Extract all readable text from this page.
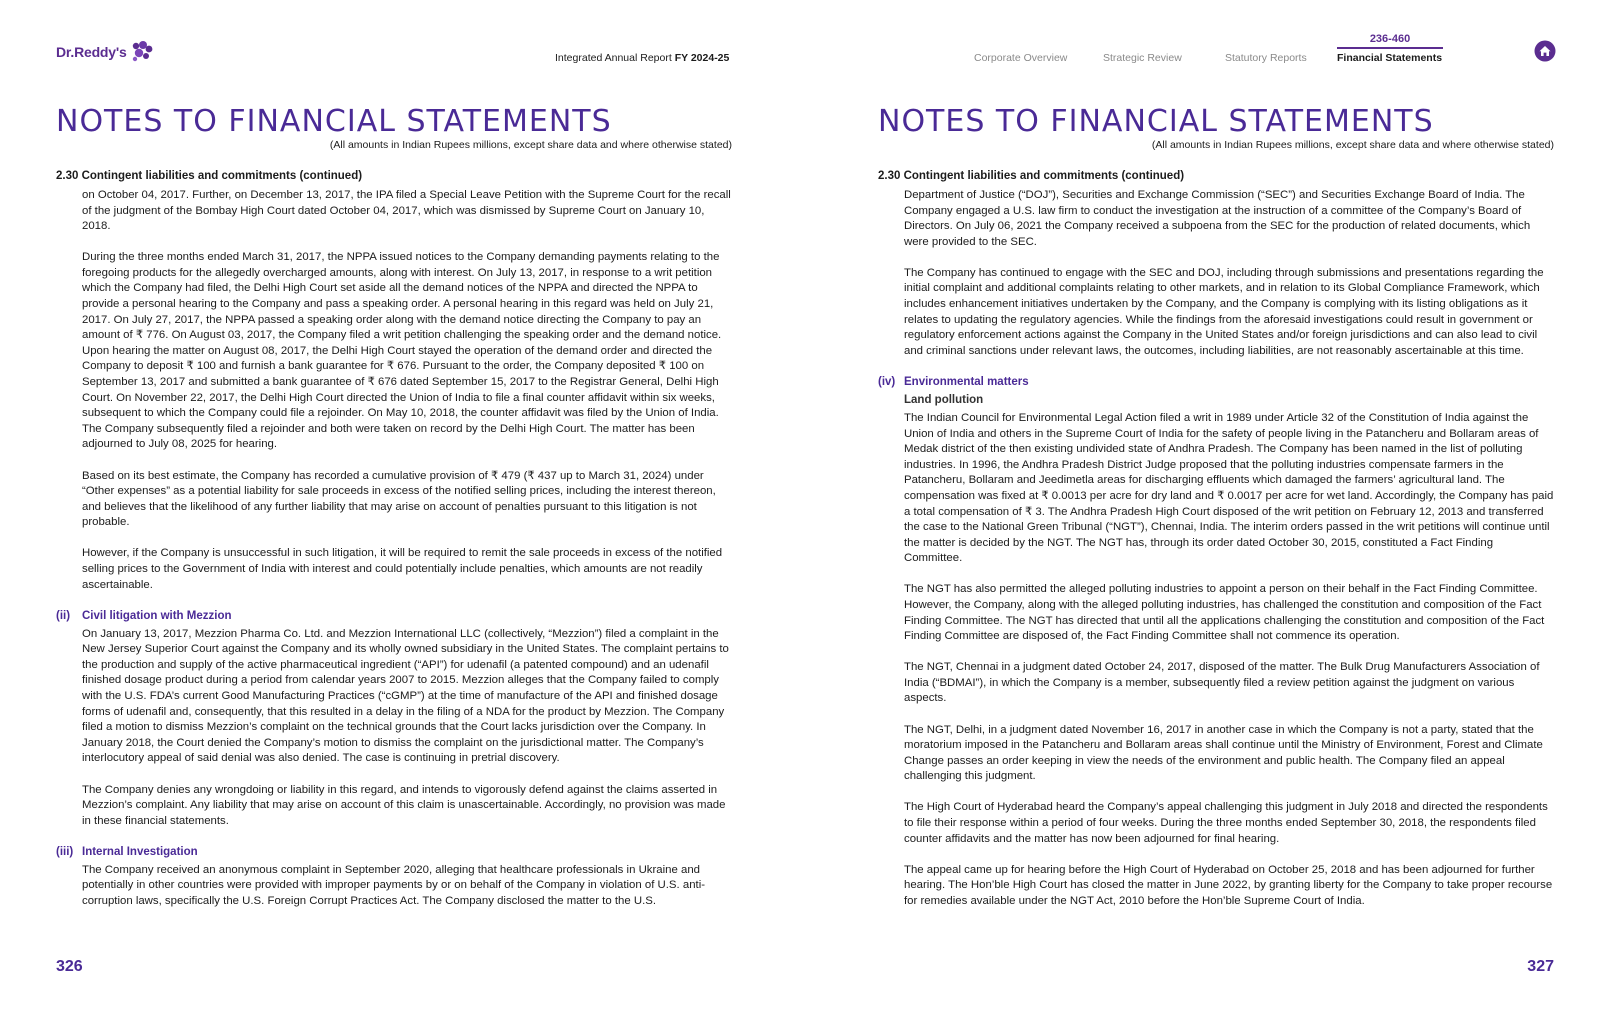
Dr.Reddy's	Integrated Annual Report FY 2024-25	Corporate Overview	Strategic Review	Statutory Reports
236-460
Financial Statements
NOTES TO FINANCIAL STATEMENTS
(All amounts in Indian Rupees millions, except share data and where otherwise stated)
2.30 Contingent liabilities and commitments (continued)

on October 04, 2017. Further, on December 13, 2017, the IPA filed a Special Leave Petition with the Supreme Court for the recall of the judgment of the Bombay High Court dated October 04, 2017, which was dismissed by Supreme Court on January 10, 2018.

During the three months ended March 31, 2017, the NPPA issued notices to the Company demanding payments relating to the foregoing products for the allegedly overcharged amounts, along with interest. On July 13, 2017, in response to a writ petition which the Company had filed, the Delhi High Court set aside all the demand notices of the NPPA and directed the NPPA to provide a personal hearing to the Company and pass a speaking order. A personal hearing in this regard was held on July 21, 2017. On July 27, 2017, the NPPA passed a speaking order along with the demand notice directing the Company to pay an amount of ₹ 776. On August 03, 2017, the Company filed a writ petition challenging the speaking order and the demand notice. Upon hearing the matter on August 08, 2017, the Delhi High Court stayed the operation of the demand order and directed the Company to deposit ₹ 100 and furnish a bank guarantee for ₹ 676. Pursuant to the order, the Company deposited ₹ 100 on September 13, 2017 and submitted a bank guarantee of ₹ 676 dated September 15, 2017 to the Registrar General, Delhi High Court. On November 22, 2017, the Delhi High Court directed the Union of India to file a final counter affidavit within six weeks, subsequent to which the Company could file a rejoinder. On May 10, 2018, the counter affidavit was filed by the Union of India. The Company subsequently filed a rejoinder and both were taken on record by the Delhi High Court. The matter has been adjourned to July 08, 2025 for hearing.

Based on its best estimate, the Company has recorded a cumulative provision of ₹ 479 (₹ 437 up to March 31, 2024) under “Other expenses” as a potential liability for sale proceeds in excess of the notified selling prices, including the interest thereon, and believes that the likelihood of any further liability that may arise on account of penalties pursuant to this litigation is not probable.

However, if the Company is unsuccessful in such litigation, it will be required to remit the sale proceeds in excess of the notified selling prices to the Government of India with interest and could potentially include penalties, which amounts are not readily ascertainable.

(ii)	Civil litigation with Mezzion

On January 13, 2017, Mezzion Pharma Co. Ltd. and Mezzion International LLC (collectively, “Mezzion”) filed a complaint in the New Jersey Superior Court against the Company and its wholly owned subsidiary in the United States. The complaint pertains to the production and supply of the active pharmaceutical ingredient (“API”) for udenafil (a patented compound) and an udenafil finished dosage product during a period from calendar years 2007 to 2015. Mezzion alleges that the Company failed to comply with the U.S. FDA’s current Good Manufacturing Practices (“cGMP”) at the time of manufacture of the API and finished dosage forms of udenafil and, consequently, that this resulted in a delay in the filing of a NDA for the product by Mezzion. The Company filed a motion to dismiss Mezzion’s complaint on the technical grounds that the Court lacks jurisdiction over the Company. In January 2018, the Court denied the Company’s motion to dismiss the complaint on the jurisdictional matter. The Company’s interlocutory appeal of said denial was also denied. The case is continuing in pretrial discovery.

The Company denies any wrongdoing or liability in this regard, and intends to vigorously defend against the claims asserted in Mezzion’s complaint. Any liability that may arise on account of this claim is unascertainable. Accordingly, no provision was made in these financial statements.

(iii) Internal Investigation

The Company received an anonymous complaint in September 2020, alleging that healthcare professionals in Ukraine and potentially in other countries were provided with improper payments by or on behalf of the Company in violation of U.S. anti-corruption laws, specifically the U.S. Foreign Corrupt Practices Act. The Company disclosed the matter to the U.S.

326
NOTES TO FINANCIAL STATEMENTS
(All amounts in Indian Rupees millions, except share data and where otherwise stated)
2.30 Contingent liabilities and commitments (continued)

Department of Justice (“DOJ”), Securities and Exchange Commission (“SEC”) and Securities Exchange Board of India. The Company engaged a U.S. law firm to conduct the investigation at the instruction of a committee of the Company’s Board of Directors. On July 06, 2021 the Company received a subpoena from the SEC for the production of related documents, which were provided to the SEC.

The Company has continued to engage with the SEC and DOJ, including through submissions and presentations regarding the initial complaint and additional complaints relating to other markets, and in relation to its Global Compliance Framework, which includes enhancement initiatives undertaken by the Company, and the Company is complying with its listing obligations as it relates to updating the regulatory agencies. While the findings from the aforesaid investigations could result in government or regulatory enforcement actions against the Company in the United States and/or foreign jurisdictions and can also lead to civil and criminal sanctions under relevant laws, the outcomes, including liabilities, are not reasonably ascertainable at this time.

(iv) Environmental matters
Land pollution

The Indian Council for Environmental Legal Action filed a writ in 1989 under Article 32 of the Constitution of India against the Union of India and others in the Supreme Court of India for the safety of people living in the Patancheru and Bollaram areas of Medak district of the then existing undivided state of Andhra Pradesh. The Company has been named in the list of polluting industries. In 1996, the Andhra Pradesh District Judge proposed that the polluting industries compensate farmers in the Patancheru, Bollaram and Jeedimetla areas for discharging effluents which damaged the farmers’ agricultural land. The compensation was fixed at ₹ 0.0013 per acre for dry land and ₹ 0.0017 per acre for wet land. Accordingly, the Company has paid a total compensation of ₹ 3. The Andhra Pradesh High Court disposed of the writ petition on February 12, 2013 and transferred the case to the National Green Tribunal (“NGT”), Chennai, India. The interim orders passed in the writ petitions will continue until the matter is decided by the NGT. The NGT has, through its order dated October 30, 2015, constituted a Fact Finding Committee.

The NGT has also permitted the alleged polluting industries to appoint a person on their behalf in the Fact Finding Committee. However, the Company, along with the alleged polluting industries, has challenged the constitution and composition of the Fact Finding Committee. The NGT has directed that until all the applications challenging the constitution and composition of the Fact Finding Committee are disposed of, the Fact Finding Committee shall not commence its operation.

The NGT, Chennai in a judgment dated October 24, 2017, disposed of the matter. The Bulk Drug Manufacturers Association of India (“BDMAI”), in which the Company is a member, subsequently filed a review petition against the judgment on various aspects.

The NGT, Delhi, in a judgment dated November 16, 2017 in another case in which the Company is not a party, stated that the moratorium imposed in the Patancheru and Bollaram areas shall continue until the Ministry of Environment, Forest and Climate Change passes an order keeping in view the needs of the environment and public health. The Company filed an appeal challenging this judgment.

The High Court of Hyderabad heard the Company’s appeal challenging this judgment in July 2018 and directed the respondents to file their response within a period of four weeks. During the three months ended September 30, 2018, the respondents filed counter affidavits and the matter has now been adjourned for final hearing.

The appeal came up for hearing before the High Court of Hyderabad on October 25, 2018 and has been adjourned for further hearing. The Hon’ble High Court has closed the matter in June 2022, by granting liberty for the Company to take proper recourse for remedies available under the NGT Act, 2010 before the Hon’ble Supreme Court of India.

327
